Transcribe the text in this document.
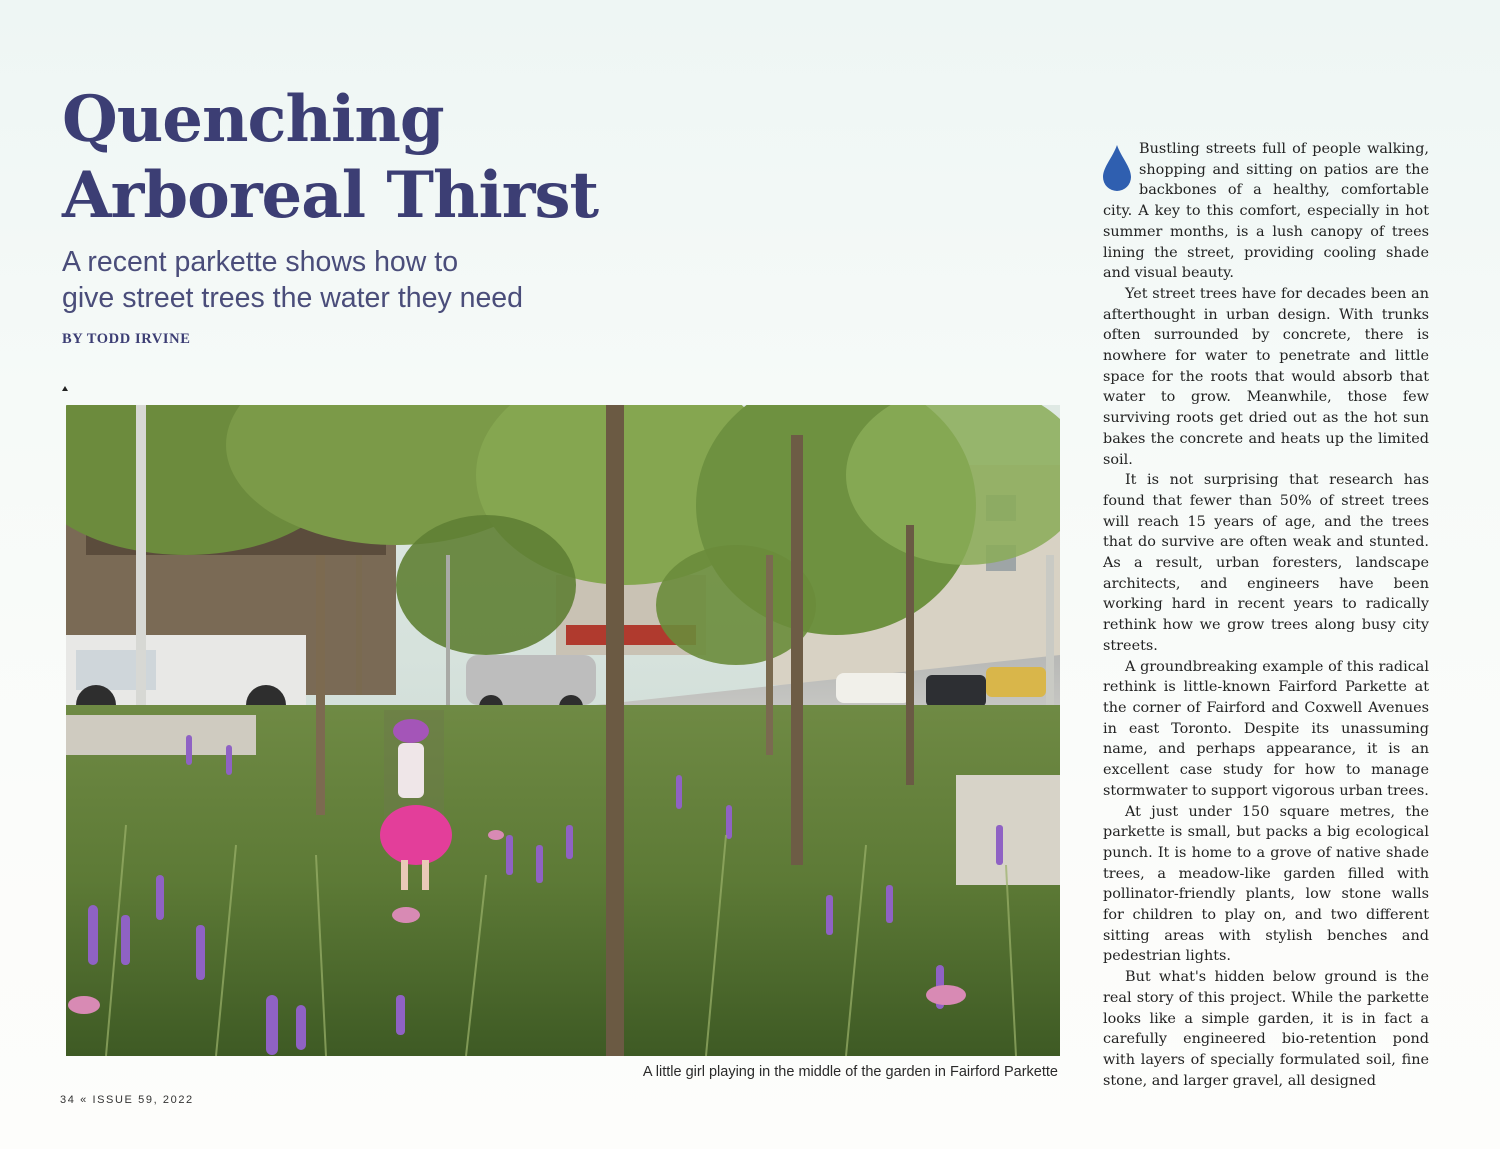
Quenching
Arboreal Thirst
A recent parkette shows how to
give street trees the water they need
BY TODD IRVINE
A little girl playing in the middle of the garden in Fairford Parkette
34 « ISSUE 59, 2022

Bustling streets full of people walking, shopping and sitting on patios are the backbones of a healthy, comfortable city. A key to this comfort, especially in hot summer months, is a lush canopy of trees lining the street, providing cooling shade and visual beauty.

Yet street trees have for decades been an afterthought in urban design. With trunks often surrounded by concrete, there is nowhere for water to penetrate and little space for the roots that would absorb that water to grow. Meanwhile, those few surviving roots get dried out as the hot sun bakes the concrete and heats up the limited soil.

It is not surprising that research has found that fewer than 50% of street trees will reach 15 years of age, and the trees that do survive are often weak and stunted. As a result, urban foresters, landscape architects, and engineers have been working hard in recent years to radically rethink how we grow trees along busy city streets.

A groundbreaking example of this radical rethink is little-known Fairford Parkette at the corner of Fairford and Coxwell Avenues in east Toronto. Despite its unassuming name, and perhaps appearance, it is an excellent case study for how to manage stormwater to support vigorous urban trees.

At just under 150 square metres, the parkette is small, but packs a big ecological punch. It is home to a grove of native shade trees, a meadow-like garden filled with pollinator-friendly plants, low stone walls for children to play on, and two different sitting areas with stylish benches and pedestrian lights.

But what's hidden below ground is the real story of this project. While the parkette looks like a simple garden, it is in fact a carefully engineered bio-retention pond with layers of specially formulated soil, fine stone, and larger gravel, all designed
